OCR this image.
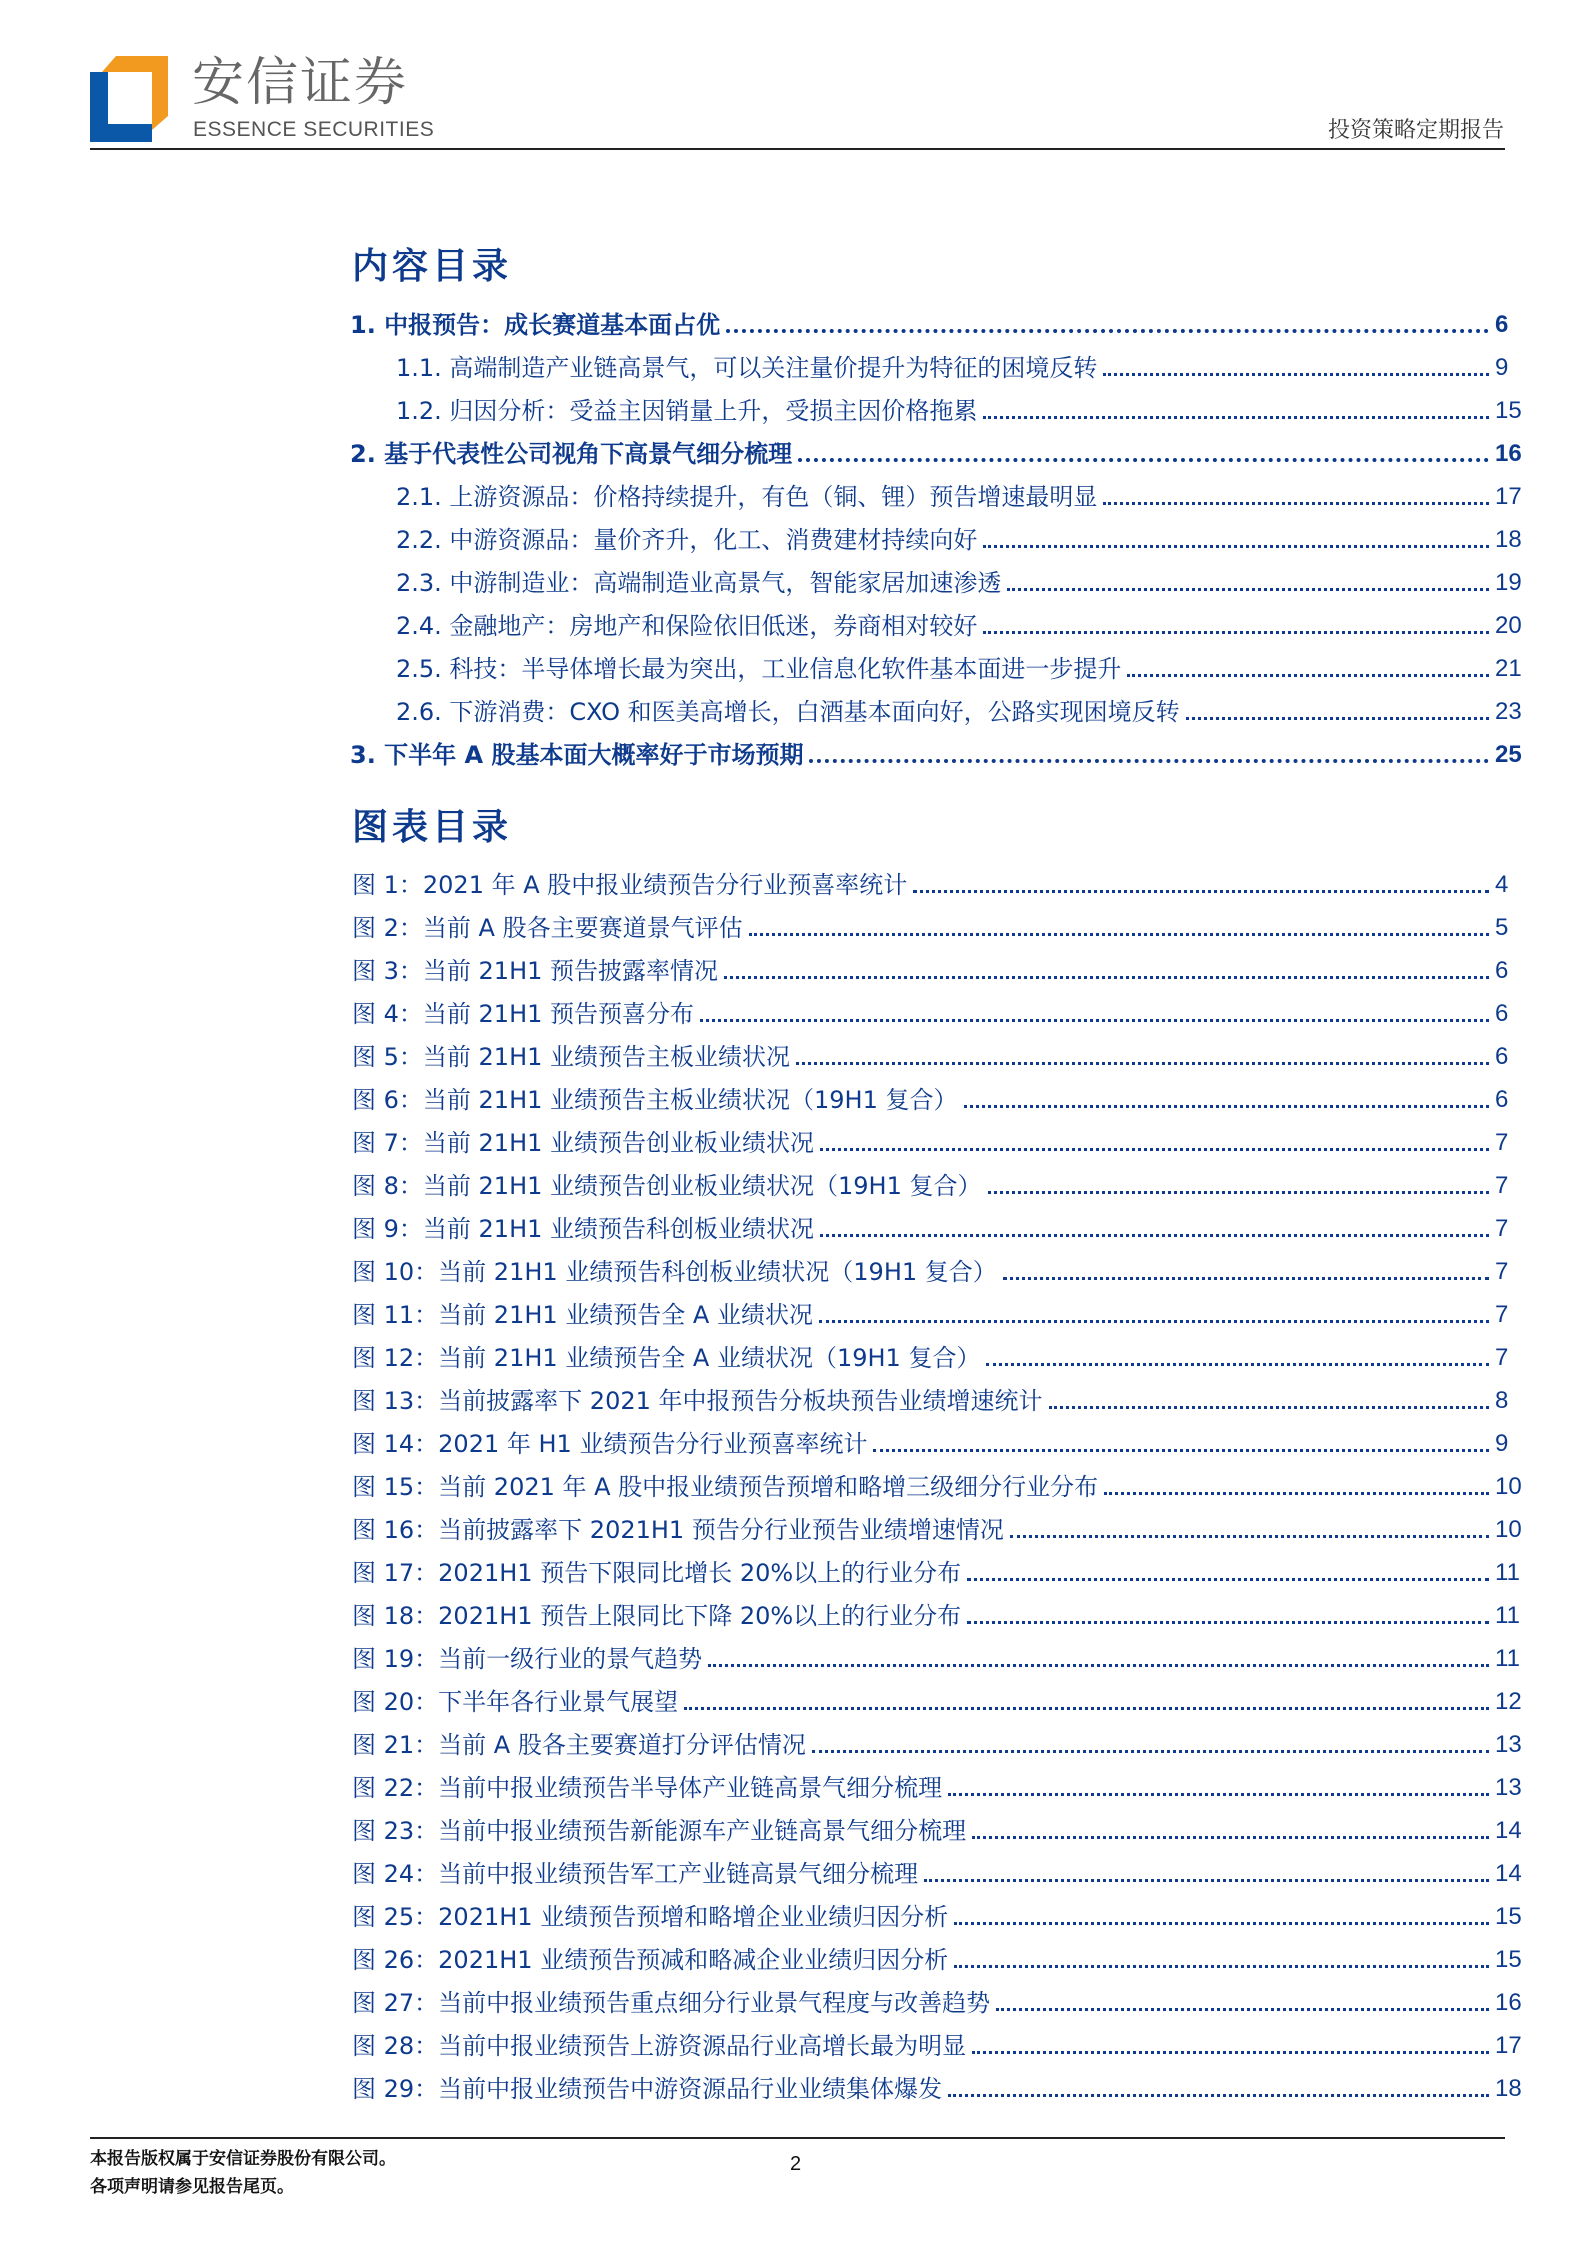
安信证券
ESSENCE SECURITIES	投资策略定期报告
内容目录
1. 中报预告：成长赛道基本面占优	6
1.1. 高端制造产业链高景气，可以关注量价提升为特征的困境反转	9
1.2. 归因分析：受益主因销量上升，受损主因价格拖累	15
2. 基于代表性公司视角下高景气细分梳理	16
2.1. 上游资源品：价格持续提升，有色（铜、锂）预告增速最明显	17
2.2. 中游资源品：量价齐升，化工、消费建材持续向好	18
2.3. 中游制造业：高端制造业高景气，智能家居加速渗透	19
2.4. 金融地产：房地产和保险依旧低迷，券商相对较好	20
2.5. 科技：半导体增长最为突出，工业信息化软件基本面进一步提升	21
2.6. 下游消费：CXO 和医美高增长，白酒基本面向好，公路实现困境反转	23
3. 下半年 A 股基本面大概率好于市场预期	25
图 1：2021 年 A 股中报业绩预告分行业预喜率统计	4
图 2：当前 A 股各主要赛道景气评估	5
图 3：当前 21H1 预告披露率情况	6
图 4：当前 21H1 预告预喜分布	6
图 5：当前 21H1 业绩预告主板业绩状况	6
图 6：当前 21H1 业绩预告主板业绩状况（19H1 复合）	6
图 7：当前 21H1 业绩预告创业板业绩状况	7
图 8：当前 21H1 业绩预告创业板业绩状况（19H1 复合）	7
图 9：当前 21H1 业绩预告科创板业绩状况	7
图 10：当前 21H1 业绩预告科创板业绩状况（19H1 复合）	7
图 11：当前 21H1 业绩预告全 A 业绩状况	7
图 12：当前 21H1 业绩预告全 A 业绩状况（19H1 复合）	7
图 13：当前披露率下 2021 年中报预告分板块预告业绩增速统计	8
图 14：2021 年 H1 业绩预告分行业预喜率统计	9
图 15：当前 2021 年 A 股中报业绩预告预增和略增三级细分行业分布	10
图 16：当前披露率下 2021H1 预告分行业预告业绩增速情况	10
图 17：2021H1 预告下限同比增长 20%以上的行业分布	11
图 18：2021H1 预告上限同比下降 20%以上的行业分布	11
图 19：当前一级行业的景气趋势	11
图 20：下半年各行业景气展望	12
图 21：当前 A 股各主要赛道打分评估情况	13
图 22：当前中报业绩预告半导体产业链高景气细分梳理	13
图 23：当前中报业绩预告新能源车产业链高景气细分梳理	14
图 24：当前中报业绩预告军工产业链高景气细分梳理	14
图 25：2021H1 业绩预告预增和略增企业业绩归因分析	15
图 26：2021H1 业绩预告预减和略减企业业绩归因分析	15
图 27：当前中报业绩预告重点细分行业景气程度与改善趋势	16
图 28：当前中报业绩预告上游资源品行业高增长最为明显	17
图 29：当前中报业绩预告中游资源品行业业绩集体爆发	18
图表目录
本报告版权属于安信证券股份有限公司。
各项声明请参见报告尾页。
2
